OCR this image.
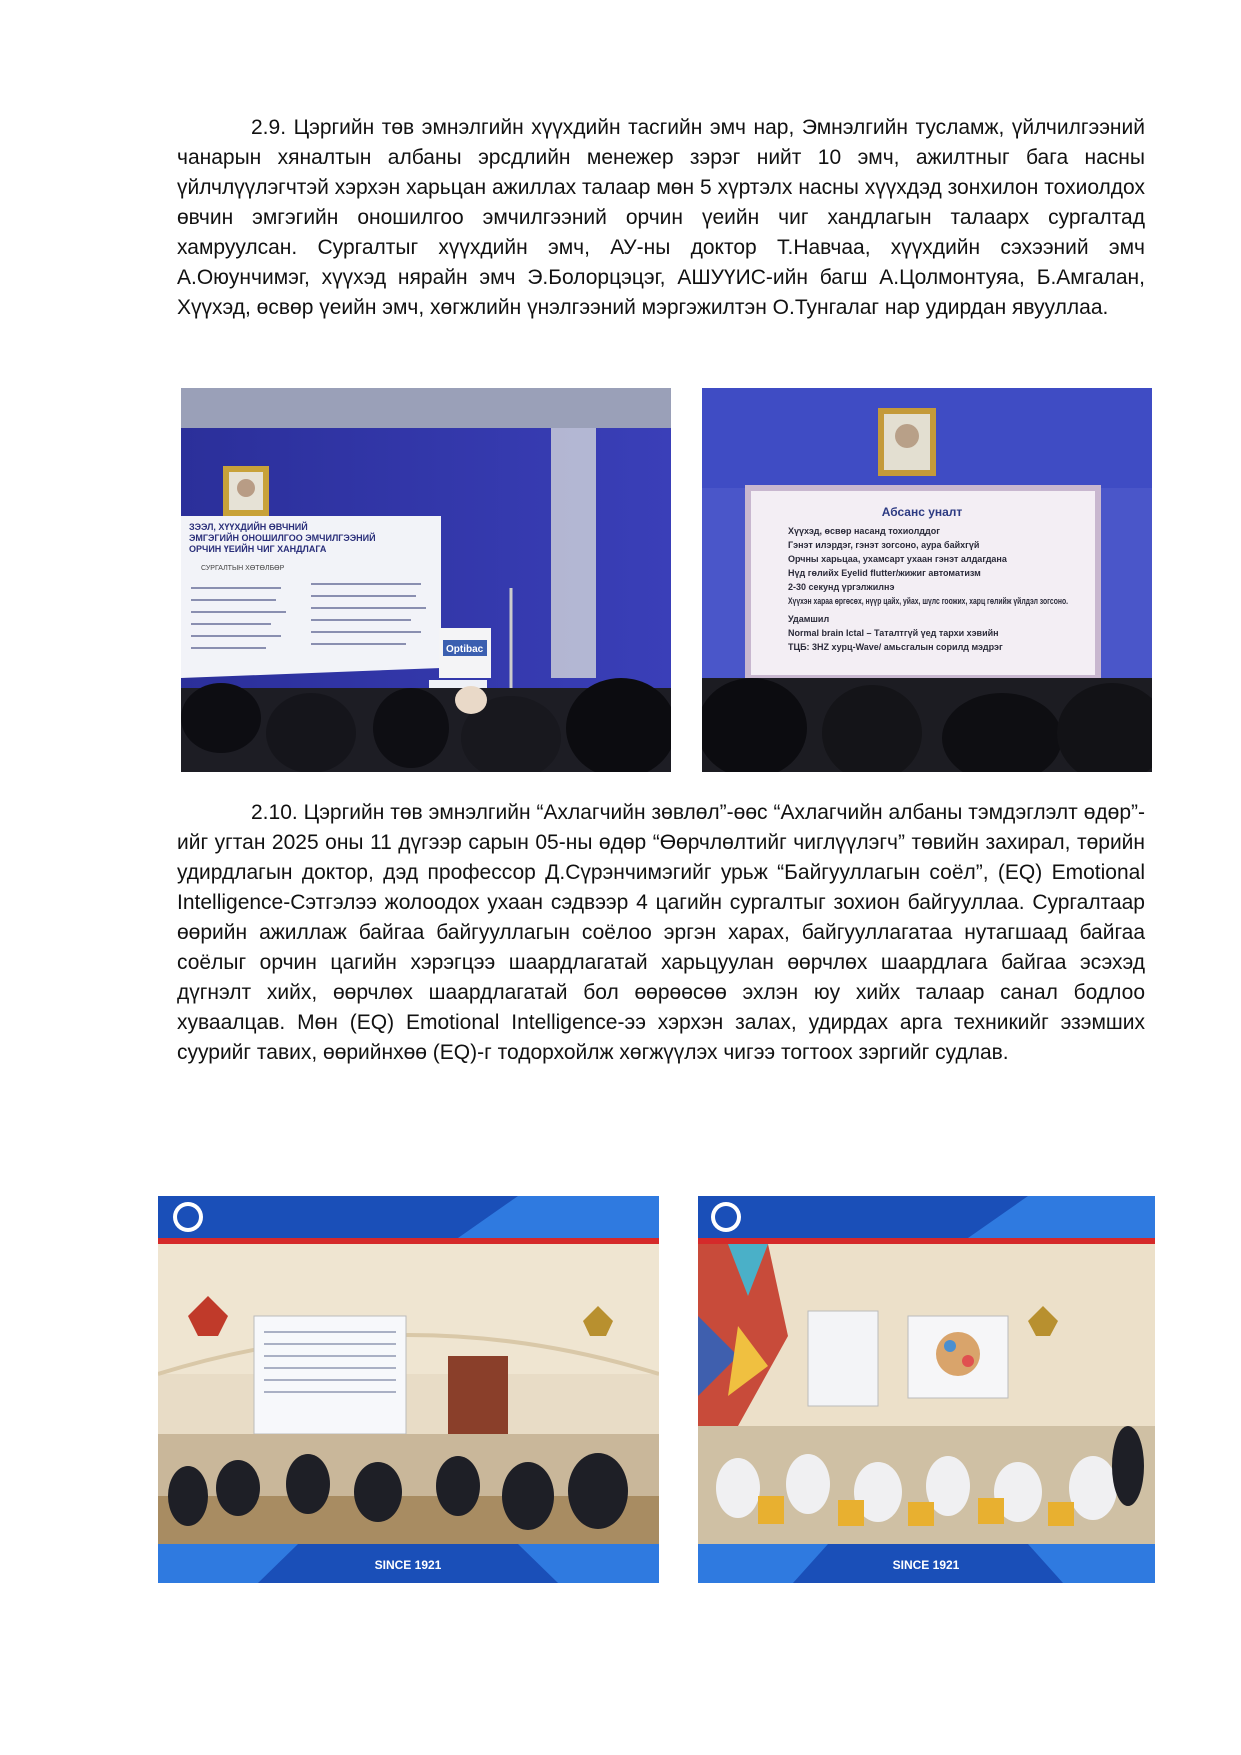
2.9. Цэргийн төв эмнэлгийн хүүхдийн тасгийн эмч нар, Эмнэлгийн тусламж, үйлчилгээний чанарын хяналтын албаны эрсдлийн менежер зэрэг нийт 10 эмч, ажилтныг бага насны үйлчлүүлэгчтэй хэрхэн харьцан ажиллах талаар мөн 5 хүртэлх насны хүүхдэд зонхилон тохиолдох өвчин эмгэгийн оношилгоо эмчилгээний орчин үеийн чиг хандлагын талаарх сургалтад хамруулсан. Сургалтыг хүүхдийн эмч, АУ-ны доктор Т.Навчаа, хүүхдийн сэхээний эмч А.Оюунчимэг, хүүхэд нярайн эмч Э.Болорцэцэг, АШУҮИС-ийн багш А.Цолмонтуяа, Б.Амгалан, Хүүхэд, өсвөр үеийн эмч, хөгжлийн үнэлгээний мэргэжилтэн О.Тунгалаг нар удирдан явууллаа.

ЗЭЭЛ, ХҮҮХДИЙН ӨВЧНИЙ
ЭМГЭГИЙН ОНОШИЛГОО ЭМЧИЛГЭЭНИЙ
ОРЧИН ҮЕИЙН ЧИГ ХАНДЛАГА
СУРГАЛТЫН ХӨТӨЛБӨР
Optibac
Абсанс уналт
Хүүхэд, өсвөр насанд тохиолддог
Гэнэт илэрдэг, гэнэт зогсоно, аура байхгүй
Орчны харьцаа, ухамсарт ухаан гэнэт алдагдана
Нүд гөлийх Eyelid flutter/жижиг автоматизм
2-30 секунд үргэлжилнэ
Хүүхэн хараа өргөсөх, нүүр цайх, уйах, шүлс гоожих, харц гөлийж үйлдэл зогсоно.
Удамшил
Normal brain Ictal – Таталтгүй үед тархи хэвийн
ТЦБ: 3HZ хурц-Wave/ амьсгалын сорилд мэдрэг

2.10. Цэргийн төв эмнэлгийн “Ахлагчийн зөвлөл”-өөс “Ахлагчийн албаны тэмдэглэлт өдөр”-ийг угтан 2025 оны 11 дүгээр сарын 05-ны өдөр “Өөрчлөлтийг чиглүүлэгч” төвийн захирал, төрийн удирдлагын доктор, дэд профессор Д.Сүрэнчимэгийг урьж “Байгууллагын соёл”, (EQ) Emotional Intelligence-Сэтгэлээ жолоодох ухаан сэдвээр 4 цагийн сургалтыг зохион байгууллаа. Сургалтаар өөрийн ажиллаж байгаа байгууллагын соёлоо эргэн харах, байгууллагатаа нутагшаад байгаа соёлыг орчин цагийн хэрэгцээ шаардлагатай харьцуулан өөрчлөх шаардлага байгаа эсэхэд дүгнэлт хийх, өөрчлөх шаардлагатай бол өөрөөсөө эхлэн юу хийх талаар санал бодлоо хуваалцав. Мөн (EQ) Emotional Intelligence-ээ хэрхэн залах, удирдах арга техникийг эзэмших суурийг тавих, өөрийнхөө (EQ)-г тодорхойлж хөгжүүлэх чигээ тогтоох зэргийг судлав.

SINCE 1921	SINCE 1921
